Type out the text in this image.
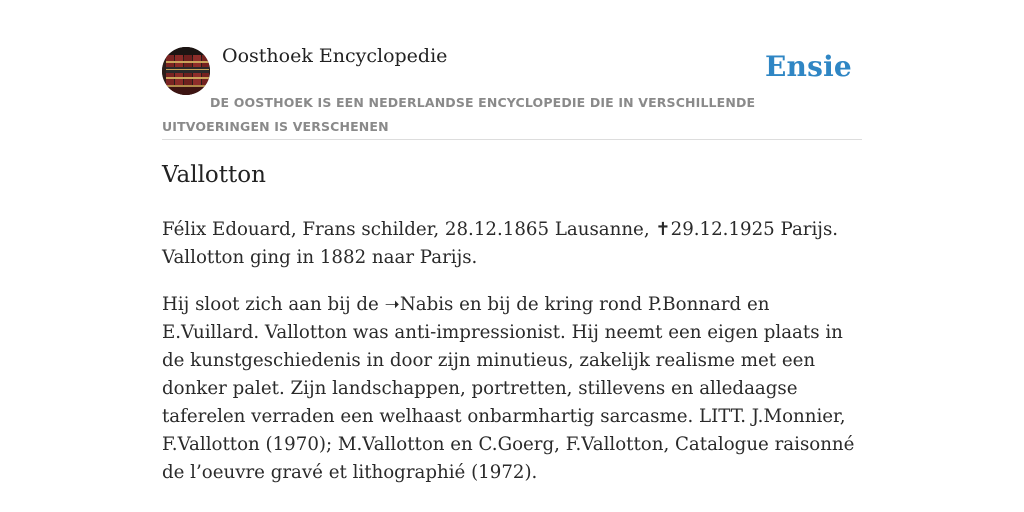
Oosthoek Encyclopedie	Ensie

DE OOSTHOEK IS EEN NEDERLANDSE ENCYCLOPEDIE DIE IN VERSCHILLENDE UITVOERINGEN IS VERSCHENEN

Vallotton

Félix Edouard, Frans schilder, 28.12.1865 Lausanne, ✝29.12.1925 Parijs. Vallotton ging in 1882 naar Parijs.

Hij sloot zich aan bij de ➝Nabis en bij de kring rond P.Bonnard en E.Vuillard. Vallotton was anti-impressionist. Hij neemt een eigen plaats in de kunstgeschiedenis in door zijn minutieus, zakelijk realisme met een donker palet. Zijn landschappen, portretten, stillevens en alledaagse taferelen verraden een welhaast onbarmhartig sarcasme. LITT. J.Monnier, F.Vallotton (1970); M.Vallotton en C.Goerg, F.Vallotton, Catalogue raisonné de l’oeuvre gravé et lithographié (1972).
